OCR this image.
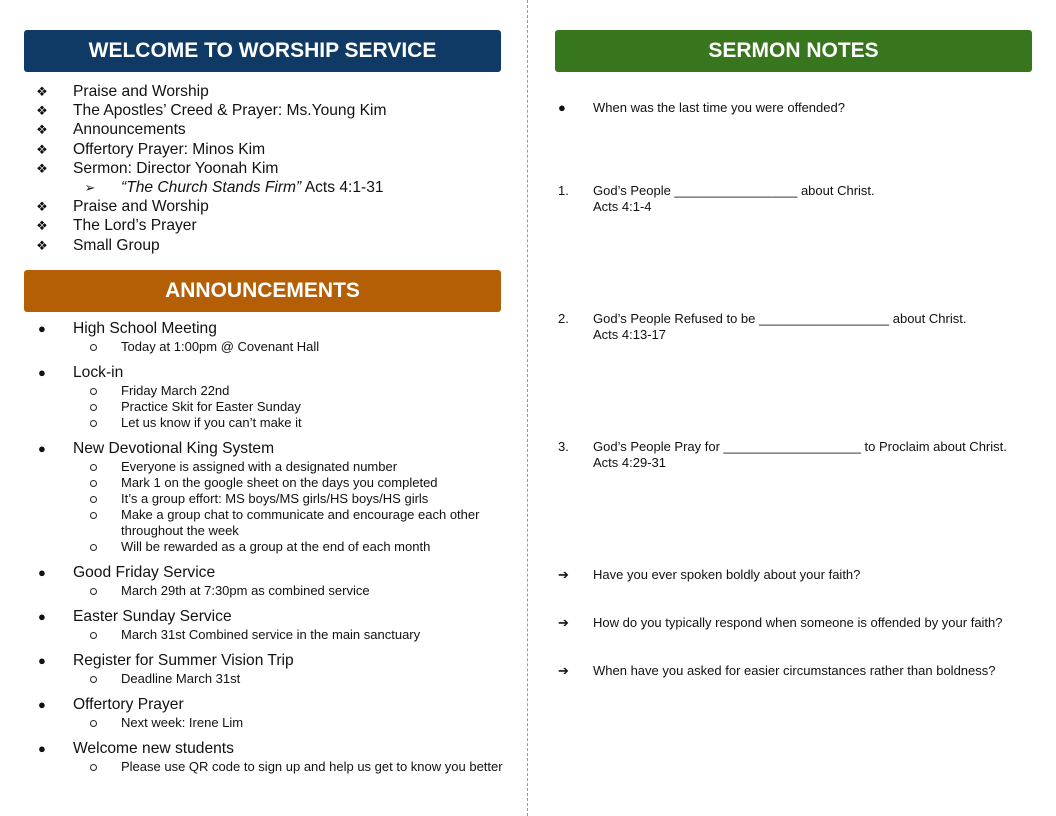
WELCOME TO WORSHIP SERVICE
❖ Praise and Worship
❖ The Apostles’ Creed & Prayer: Ms.Young Kim
❖ Announcements
❖ Offertory Prayer: Minos Kim
❖ Sermon: Director Yoonah Kim
➢ “The Church Stands Firm” Acts 4:1-31
❖ Praise and Worship
❖ The Lord’s Prayer
❖ Small Group
ANNOUNCEMENTS
● High School Meeting
Today at 1:00pm @ Covenant Hall
● Lock-in
Friday March 22nd
Practice Skit for Easter Sunday
Let us know if you can’t make it
● New Devotional King System
Everyone is assigned with a designated number
Mark 1 on the google sheet on the days you completed
It’s a group effort: MS boys/MS girls/HS boys/HS girls
Make a group chat to communicate and encourage each other throughout the week
Will be rewarded as a group at the end of each month
● Good Friday Service
March 29th at 7:30pm as combined service
● Easter Sunday Service
March 31st Combined service in the main sanctuary
● Register for Summer Vision Trip
Deadline March 31st
● Offertory Prayer
Next week: Irene Lim
● Welcome new students
Please use QR code to sign up and help us get to know you better
SERMON NOTES
● When was the last time you were offended?
1. God’s People _________________ about Christ.
Acts 4:1-4
2. God’s People Refused to be __________________ about Christ.
Acts 4:13-17
3. God’s People Pray for ___________________ to Proclaim about Christ.
Acts 4:29-31
➔ Have you ever spoken boldly about your faith?
➔ How do you typically respond when someone is offended by your faith?
➔ When have you asked for easier circumstances rather than boldness?
